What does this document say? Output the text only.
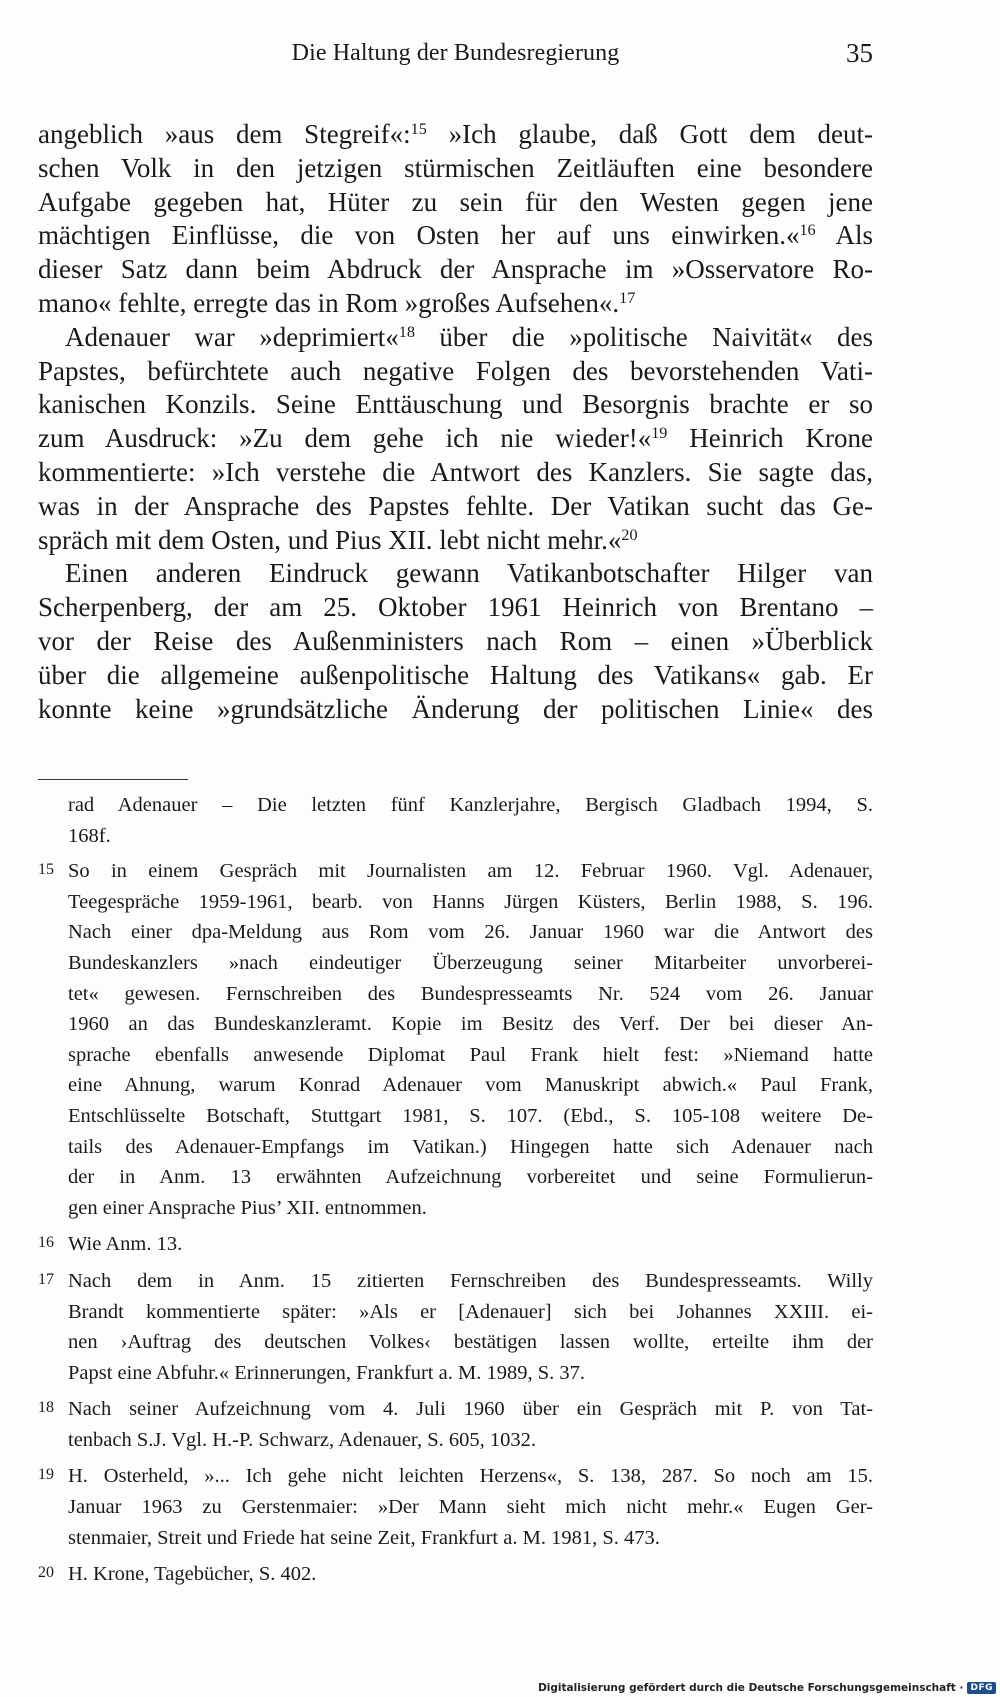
Die Haltung der Bundesregierung	35

angeblich »aus dem Stegreif«:$^{15}$ »Ich glaube, daß Gott dem deut-
schen Volk in den jetzigen stürmischen Zeitläuften eine besondere
Aufgabe gegeben hat, Hüter zu sein für den Westen gegen jene
mächtigen Einflüsse, die von Osten her auf uns einwirken.«$^{16}$ Als
dieser Satz dann beim Abdruck der Ansprache im »Osservatore Ro-
mano« fehlte, erregte das in Rom »großes Aufsehen«.$^{17}$

Adenauer war »deprimiert«$^{18}$ über die »politische Naivität« des
Papstes, befürchtete auch negative Folgen des bevorstehenden Vati-
kanischen Konzils. Seine Enttäuschung und Besorgnis brachte er so
zum Ausdruck: »Zu dem gehe ich nie wieder!«$^{19}$ Heinrich Krone
kommentierte: »Ich verstehe die Antwort des Kanzlers. Sie sagte das,
was in der Ansprache des Papstes fehlte. Der Vatikan sucht das Ge-
spräch mit dem Osten, und Pius XII. lebt nicht mehr.«$^{20}$

Einen anderen Eindruck gewann Vatikanbotschafter Hilger van
Scherpenberg, der am 25. Oktober 1961 Heinrich von Brentano –
vor der Reise des Außenministers nach Rom – einen »Überblick
über die allgemeine außenpolitische Haltung des Vatikans« gab. Er
konnte keine »grundsätzliche Änderung der politischen Linie« des

rad Adenauer – Die letzten fünf Kanzlerjahre, Bergisch Gladbach 1994, S.
168f.
15 So in einem Gespräch mit Journalisten am 12. Februar 1960. Vgl. Adenauer,
Teegespräche 1959-1961, bearb. von Hanns Jürgen Küsters, Berlin 1988, S. 196.
Nach einer dpa-Meldung aus Rom vom 26. Januar 1960 war die Antwort des
Bundeskanzlers »nach eindeutiger Überzeugung seiner Mitarbeiter unvorberei-
tet« gewesen. Fernschreiben des Bundespresseamts Nr. 524 vom 26. Januar
1960 an das Bundeskanzleramt. Kopie im Besitz des Verf. Der bei dieser An-
sprache ebenfalls anwesende Diplomat Paul Frank hielt fest: »Niemand hatte
eine Ahnung, warum Konrad Adenauer vom Manuskript abwich.« Paul Frank,
Entschlüsselte Botschaft, Stuttgart 1981, S. 107. (Ebd., S. 105-108 weitere De-
tails des Adenauer-Empfangs im Vatikan.) Hingegen hatte sich Adenauer nach
der in Anm. 13 erwähnten Aufzeichnung vorbereitet und seine Formulierun-
gen einer Ansprache Pius’ XII. entnommen.
16 Wie Anm. 13.
17 Nach dem in Anm. 15 zitierten Fernschreiben des Bundespresseamts. Willy
Brandt kommentierte später: »Als er [Adenauer] sich bei Johannes XXIII. ei-
nen ›Auftrag des deutschen Volkes‹ bestätigen lassen wollte, erteilte ihm der
Papst eine Abfuhr.« Erinnerungen, Frankfurt a. M. 1989, S. 37.
18 Nach seiner Aufzeichnung vom 4. Juli 1960 über ein Gespräch mit P. von Tat-
tenbach S.J. Vgl. H.-P. Schwarz, Adenauer, S. 605, 1032.
19 H. Osterheld, »... Ich gehe nicht leichten Herzens«, S. 138, 287. So noch am 15.
Januar 1963 zu Gerstenmaier: »Der Mann sieht mich nicht mehr.« Eugen Ger-
stenmaier, Streit und Friede hat seine Zeit, Frankfurt a. M. 1981, S. 473.
20 H. Krone, Tagebücher, S. 402.
Digitalisierung gefördert durch die Deutsche Forschungsgemeinschaft · DFG
